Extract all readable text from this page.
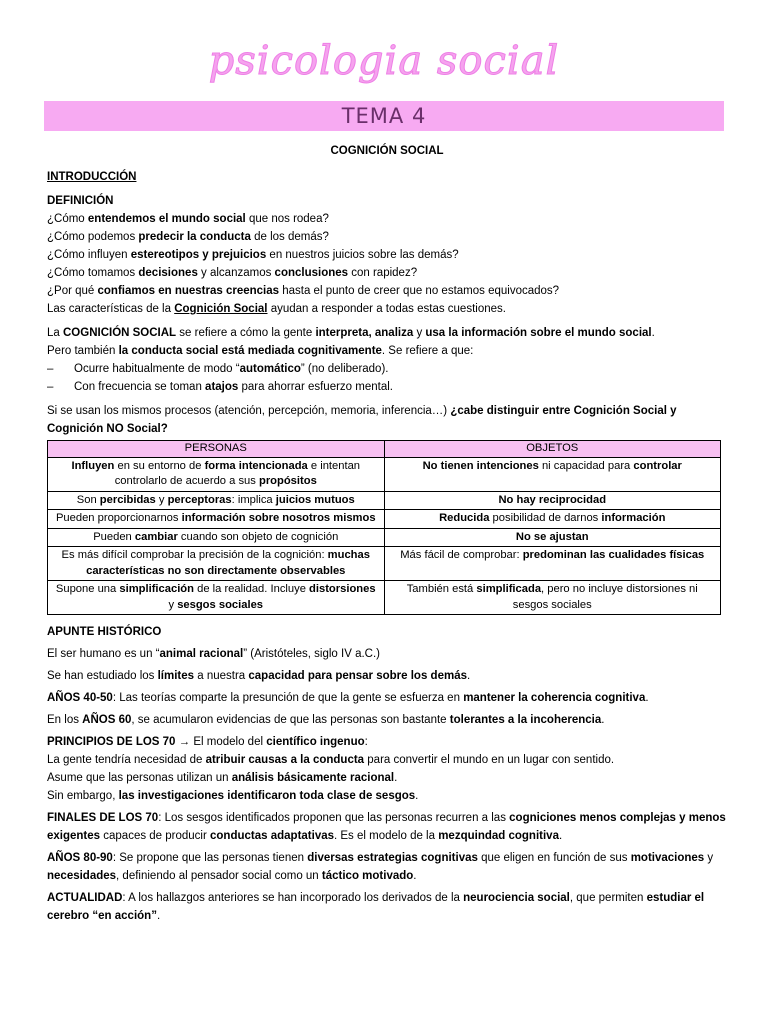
psicologia social
TEMA 4
COGNICIÓN SOCIAL
INTRODUCCIÓN
DEFINICIÓN
¿Cómo entendemos el mundo social que nos rodea?
¿Cómo podemos predecir la conducta de los demás?
¿Cómo influyen estereotipos y prejuicios en nuestros juicios sobre las demás?
¿Cómo tomamos decisiones y alcanzamos conclusiones con rapidez?
¿Por qué confiamos en nuestras creencias hasta el punto de creer que no estamos equivocados?
Las características de la Cognición Social ayudan a responder a todas estas cuestiones.
La COGNICIÓN SOCIAL se refiere a cómo la gente interpreta, analiza y usa la información sobre el mundo social.
Pero también la conducta social está mediada cognitivamente. Se refiere a que:
– Ocurre habitualmente de modo “automático” (no deliberado).
– Con frecuencia se toman atajos para ahorrar esfuerzo mental.
Si se usan los mismos procesos (atención, percepción, memoria, inferencia…) ¿cabe distinguir entre Cognición Social y
Cognición NO Social?
PERSONAS	OBJETOS
Influyen en su entorno de forma intencionada e intentan controlarlo de acuerdo a sus propósitos	No tienen intenciones ni capacidad para controlar
Son percibidas y perceptoras: implica juicios mutuos	No hay reciprocidad
Pueden proporcionarnos información sobre nosotros mismos	Reducida posibilidad de darnos información
Pueden cambiar cuando son objeto de cognición	No se ajustan
Es más difícil comprobar la precisión de la cognición: muchas características no son directamente observables	Más fácil de comprobar: predominan las cualidades físicas
Supone una simplificación de la realidad. Incluye distorsiones y sesgos sociales	También está simplificada, pero no incluye distorsiones ni sesgos sociales
APUNTE HISTÓRICO
El ser humano es un “animal racional” (Aristóteles, siglo IV a.C.)
Se han estudiado los límites a nuestra capacidad para pensar sobre los demás.
AÑOS 40-50: Las teorías comparte la presunción de que la gente se esfuerza en mantener la coherencia cognitiva.
En los AÑOS 60, se acumularon evidencias de que las personas son bastante tolerantes a la incoherencia.
PRINCIPIOS DE LOS 70 → El modelo del científico ingenuo:
La gente tendría necesidad de atribuir causas a la conducta para convertir el mundo en un lugar con sentido.
Asume que las personas utilizan un análisis básicamente racional.
Sin embargo, las investigaciones identificaron toda clase de sesgos.
FINALES DE LOS 70: Los sesgos identificados proponen que las personas recurren a las cogniciones menos complejas y menos
exigentes capaces de producir conductas adaptativas. Es el modelo de la mezquindad cognitiva.
AÑOS 80-90: Se propone que las personas tienen diversas estrategias cognitivas que eligen en función de sus motivaciones y
necesidades, definiendo al pensador social como un táctico motivado.
ACTUALIDAD: A los hallazgos anteriores se han incorporado los derivados de la neurociencia social, que permiten estudiar el
cerebro “en acción”.
